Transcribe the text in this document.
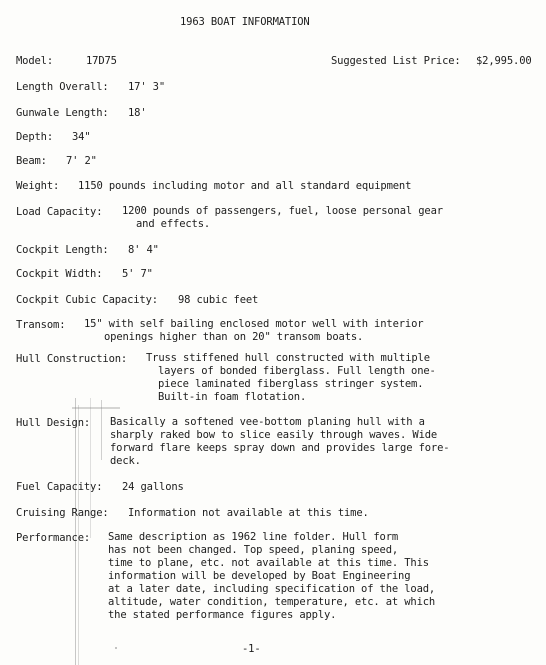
1963 BOAT INFORMATION
Model:	17D75	Suggested List Price: $2,995.00
Length Overall: 17' 3"
Gunwale Length: 18'
Depth: 34"
Beam: 7' 2"
Weight: 1150 pounds including motor and all standard equipment
Load Capacity: 1200 pounds of passengers, fuel, loose personal gear
and effects.
Cockpit Length: 8' 4"
Cockpit Width: 5' 7"
Cockpit Cubic Capacity: 98 cubic feet
Transom: 15" with self bailing enclosed motor well with interior
openings higher than on 20" transom boats.
Hull Construction: Truss stiffened hull constructed with multiple
layers of bonded fiberglass. Full length one-
piece laminated fiberglass stringer system.
Built-in foam flotation.
Hull Design: Basically a softened vee-bottom planing hull with a
sharply raked bow to slice easily through waves. Wide
forward flare keeps spray down and provides large fore-
deck.
Fuel Capacity: 24 gallons
Cruising Range: Information not available at this time.
Performance: Same description as 1962 line folder. Hull form
has not been changed. Top speed, planing speed,
time to plane, etc. not available at this time. This
information will be developed by Boat Engineering
at a later date, including specification of the load,
altitude, water condition, temperature, etc. at which
the stated performance figures apply.
-1-
